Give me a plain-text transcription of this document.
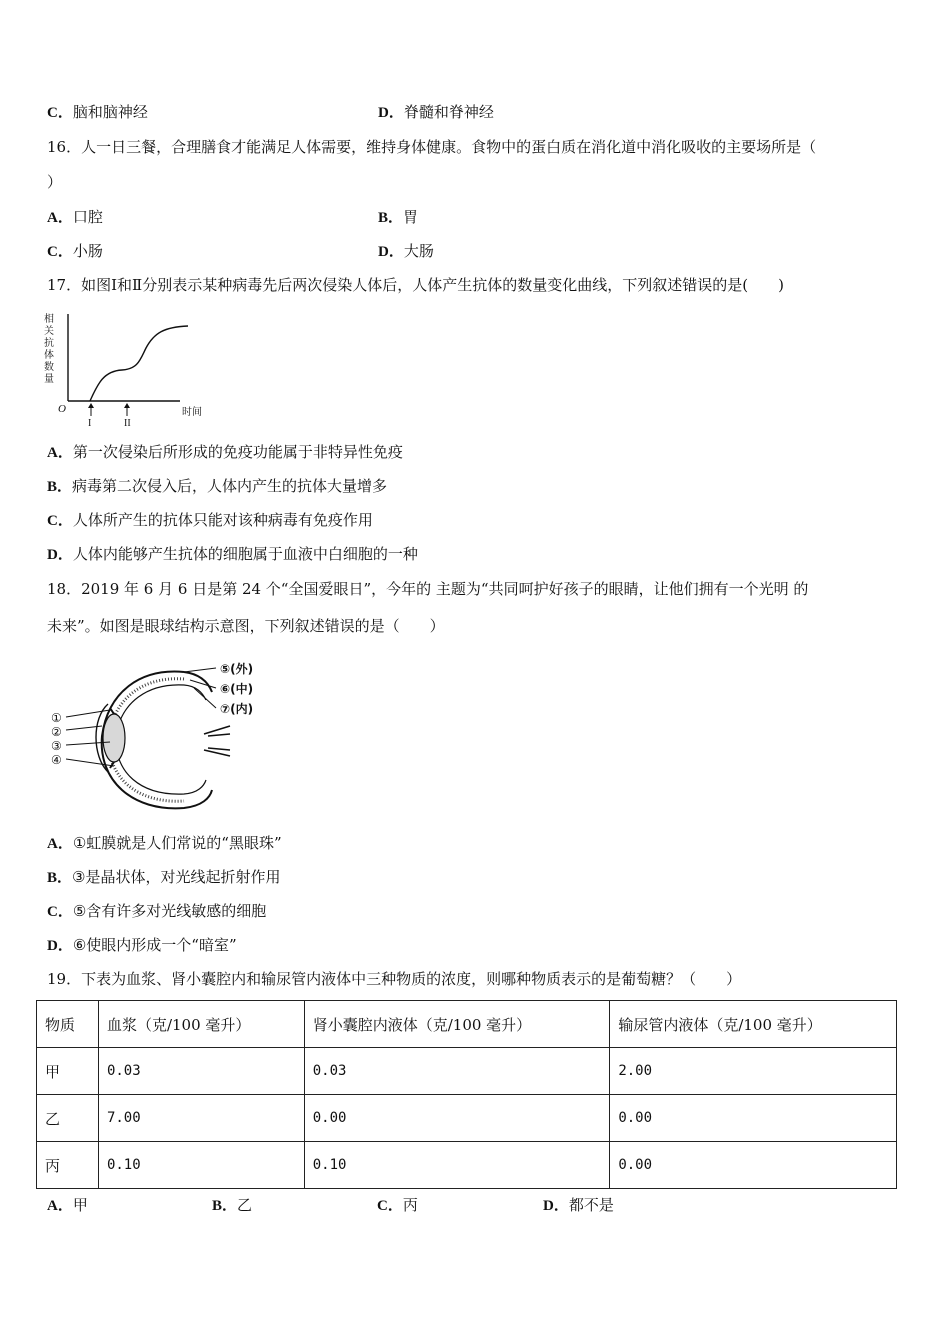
C．脑和脑神经	D．脊髓和脊神经
16．人一日三餐，合理膳食才能满足人体需要，维持身体健康。食物中的蛋白质在消化道中消化吸收的主要场所是（
）
A．口腔	B．胃
C．小肠	D．大肠
17．如图Ⅰ和Ⅱ分别表示某种病毒先后两次侵染人体后，人体产生抗体的数量变化曲线，下列叙述错误的是(　　)
相
关
抗
体
数
量
O	时间
I	II
A．第一次侵染后所形成的免疫功能属于非特异性免疫
B．病毒第二次侵入后，人体内产生的抗体大量增多
C．人体所产生的抗体只能对该种病毒有免疫作用
D．人体内能够产生抗体的细胞属于血液中白细胞的一种
18．2019 年 6 月 6 日是第 24 个“全国爱眼日”，今年的 主题为“共同呵护好孩子的眼睛，让他们拥有一个光明 的
未来”。如图是眼球结构示意图，下列叙述错误的是（　　）
⑤(外)
⑥(中)
⑦(内)
①
②
③
④
A．①虹膜就是人们常说的“黑眼珠”
B．③是晶状体，对光线起折射作用
C．⑤含有许多对光线敏感的细胞
D．⑥使眼内形成一个“暗室”
19．下表为血浆、肾小囊腔内和输尿管内液体中三种物质的浓度，则哪种物质表示的是葡萄糖？（　　）
物质	血浆（克/100 毫升）	肾小囊腔内液体（克/100 毫升）	输尿管内液体（克/100 毫升）
甲	0.03	0.03	2.00
乙	7.00	0.00	0.00
丙	0.10	0.10	0.00
A．甲	B．乙	C．丙	D．都不是
